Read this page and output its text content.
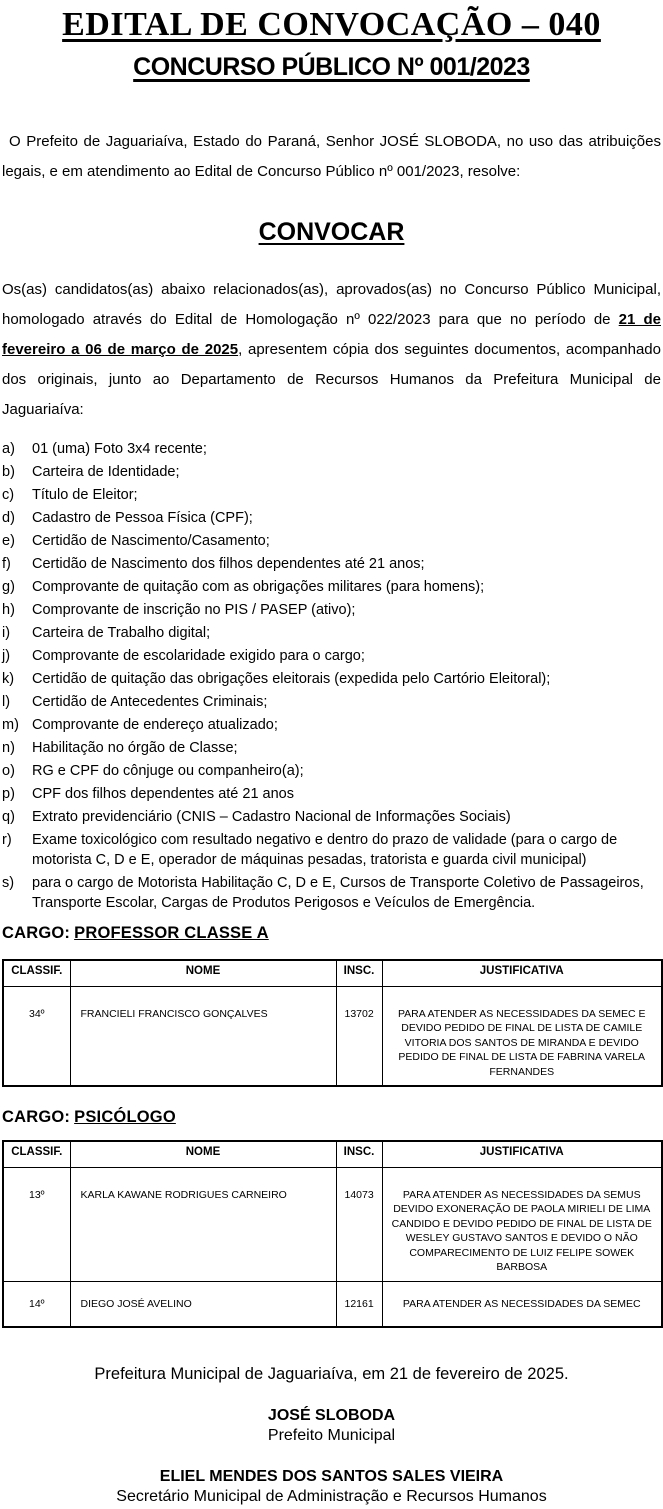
EDITAL DE CONVOCAÇÃO – 040
CONCURSO PÚBLICO Nº 001/2023

O Prefeito de Jaguariaíva, Estado do Paraná, Senhor JOSÉ SLOBODA, no uso das atribuições legais, e em atendimento ao Edital de Concurso Público nº 001/2023, resolve:

CONVOCAR

Os(as) candidatos(as) abaixo relacionados(as), aprovados(as) no Concurso Público Municipal, homologado através do Edital de Homologação nº 022/2023 para que no período de 21 de fevereiro a 06 de março de 2025, apresentem cópia dos seguintes documentos, acompanhado dos originais, junto ao Departamento de Recursos Humanos da Prefeitura Municipal de Jaguariaíva:

a)	01 (uma) Foto 3x4 recente;
b)	Carteira de Identidade;
c)	Título de Eleitor;
d)	Cadastro de Pessoa Física (CPF);
e)	Certidão de Nascimento/Casamento;
f)	Certidão de Nascimento dos filhos dependentes até 21 anos;
g)	Comprovante de quitação com as obrigações militares (para homens);
h)	Comprovante de inscrição no PIS / PASEP (ativo);
i)	Carteira de Trabalho digital;
j)	Comprovante de escolaridade exigido para o cargo;
k)	Certidão de quitação das obrigações eleitorais (expedida pelo Cartório Eleitoral);
l)	Certidão de Antecedentes Criminais;
m) Comprovante de endereço atualizado;
n)	Habilitação no órgão de Classe;
o)	RG e CPF do cônjuge ou companheiro(a);
p)	CPF dos filhos dependentes até 21 anos
q)	Extrato previdenciário (CNIS – Cadastro Nacional de Informações Sociais)
r)	Exame toxicológico com resultado negativo e dentro do prazo de validade (para o cargo de motorista C, D e E, operador de máquinas pesadas, tratorista e guarda civil municipal)
s)	para o cargo de Motorista Habilitação C, D e E, Cursos de Transporte Coletivo de Passageiros, Transporte Escolar, Cargas de Produtos Perigosos e Veículos de Emergência.
CARGO: PROFESSOR CLASSE A
CLASSIF.	NOME	INSC.	JUSTIFICATIVA
34º	FRANCIELI FRANCISCO GONÇALVES	13702	PARA ATENDER AS NECESSIDADES DA SEMEC E DEVIDO PEDIDO DE FINAL DE LISTA DE CAMILE VITORIA DOS SANTOS DE MIRANDA E DEVIDO PEDIDO DE FINAL DE LISTA DE FABRINA VARELA FERNANDES
CARGO: PSICÓLOGO
CLASSIF.	NOME	INSC.	JUSTIFICATIVA
13º	KARLA KAWANE RODRIGUES CARNEIRO	14073	PARA ATENDER AS NECESSIDADES DA SEMUS DEVIDO EXONERAÇÃO DE PAOLA MIRIELI DE LIMA CANDIDO E DEVIDO PEDIDO DE FINAL DE LISTA DE WESLEY GUSTAVO SANTOS E DEVIDO O NÃO COMPARECIMENTO DE LUIZ FELIPE SOWEK BARBOSA
14º	DIEGO JOSÉ AVELINO	12161	PARA ATENDER AS NECESSIDADES DA SEMEC

Prefeitura Municipal de Jaguariaíva, em 21 de fevereiro de 2025.

JOSÉ SLOBODA
Prefeito Municipal
ELIEL MENDES DOS SANTOS SALES VIEIRA
Secretário Municipal de Administração e Recursos Humanos
